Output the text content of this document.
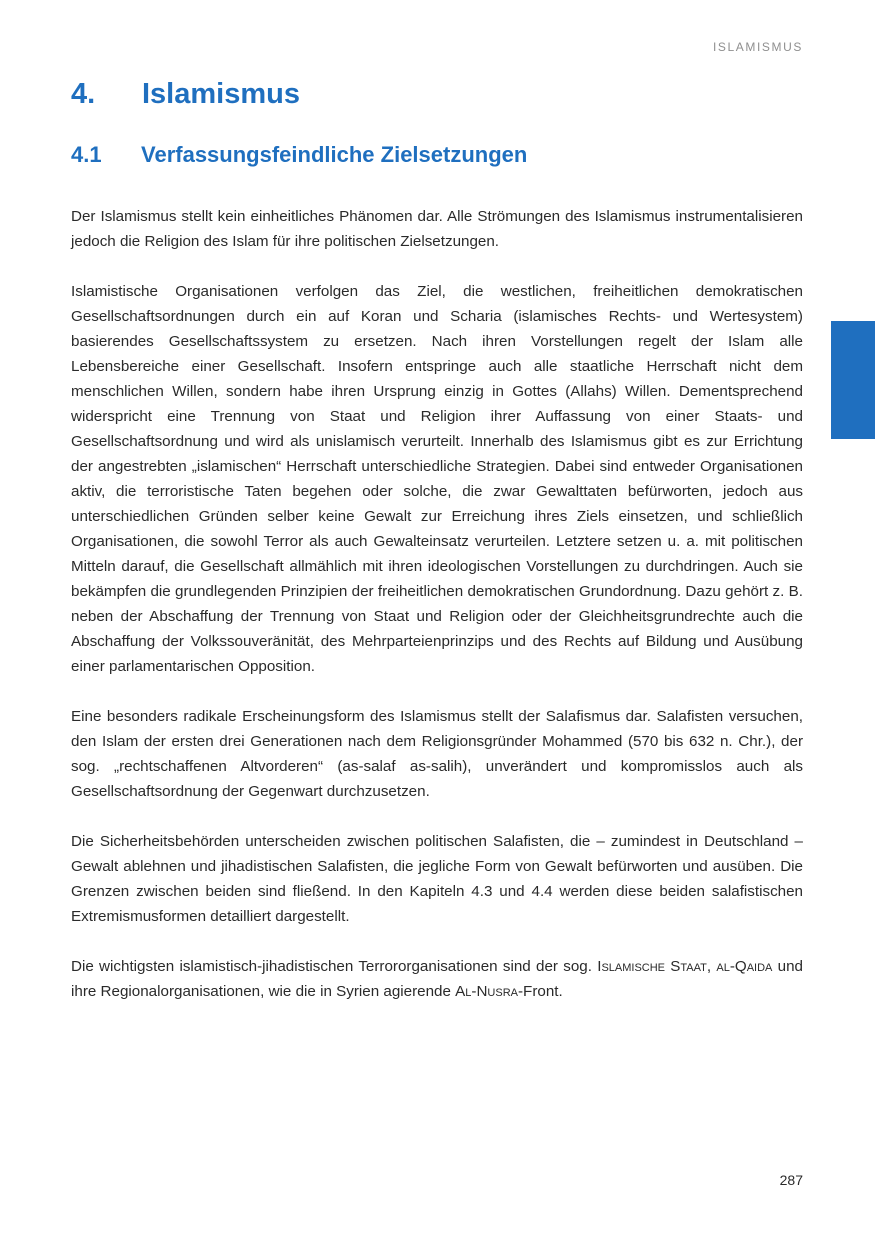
ISLAMISMUS
4. Islamismus
4.1 Verfassungsfeindliche Zielsetzungen

Der Islamismus stellt kein einheitliches Phänomen dar. Alle Strömungen des Islamismus instrumentalisieren jedoch die Religion des Islam für ihre politischen Zielsetzungen.

Islamistische Organisationen verfolgen das Ziel, die westlichen, freiheitlichen demokratischen Gesellschaftsordnungen durch ein auf Koran und Scharia (islamisches Rechts- und Wertesystem) basierendes Gesellschaftssystem zu ersetzen. Nach ihren Vorstellungen regelt der Islam alle Lebensbereiche einer Gesellschaft. Insofern entspringe auch alle staatliche Herrschaft nicht dem menschlichen Willen, sondern habe ihren Ursprung einzig in Gottes (Allahs) Willen. Dementsprechend widerspricht eine Trennung von Staat und Religion ihrer Auffassung von einer Staats- und Gesellschaftsordnung und wird als unislamisch verurteilt. Innerhalb des Islamismus gibt es zur Errichtung der angestrebten „islamischen“ Herrschaft unterschiedliche Strategien. Dabei sind entweder Organisationen aktiv, die terroristische Taten begehen oder solche, die zwar Gewalttaten befürworten, jedoch aus unterschiedlichen Gründen selber keine Gewalt zur Erreichung ihres Ziels einsetzen, und schließlich Organisationen, die sowohl Terror als auch Gewalteinsatz verurteilen. Letztere setzen u. a. mit politischen Mitteln darauf, die Gesellschaft allmählich mit ihren ideologischen Vorstellungen zu durchdringen. Auch sie bekämpfen die grundlegenden Prinzipien der freiheitlichen demokratischen Grundordnung. Dazu gehört z. B. neben der Abschaffung der Trennung von Staat und Religion oder der Gleichheitsgrundrechte auch die Abschaffung der Volkssouveränität, des Mehrparteienprinzips und des Rechts auf Bildung und Ausübung einer parlamentarischen Opposition.

Eine besonders radikale Erscheinungsform des Islamismus stellt der Salafismus dar. Salafisten versuchen, den Islam der ersten drei Generationen nach dem Religionsgründer Mohammed (570 bis 632 n. Chr.), der sog. „rechtschaffenen Altvorderen“ (as-salaf as-salih), unverändert und kompromisslos auch als Gesellschaftsordnung der Gegenwart durchzusetzen.

Die Sicherheitsbehörden unterscheiden zwischen politischen Salafisten, die – zumindest in Deutschland – Gewalt ablehnen und jihadistischen Salafisten, die jegliche Form von Gewalt befürworten und ausüben. Die Grenzen zwischen beiden sind fließend. In den Kapiteln 4.3 und 4.4 werden diese beiden salafistischen Extremismusformen detailliert dargestellt.

Die wichtigsten islamistisch-jihadistischen Terrororganisationen sind der sog. Islamische Staat, al-Qaida und ihre Regionalorganisationen, wie die in Syrien agierende Al-Nusra-Front.

287
